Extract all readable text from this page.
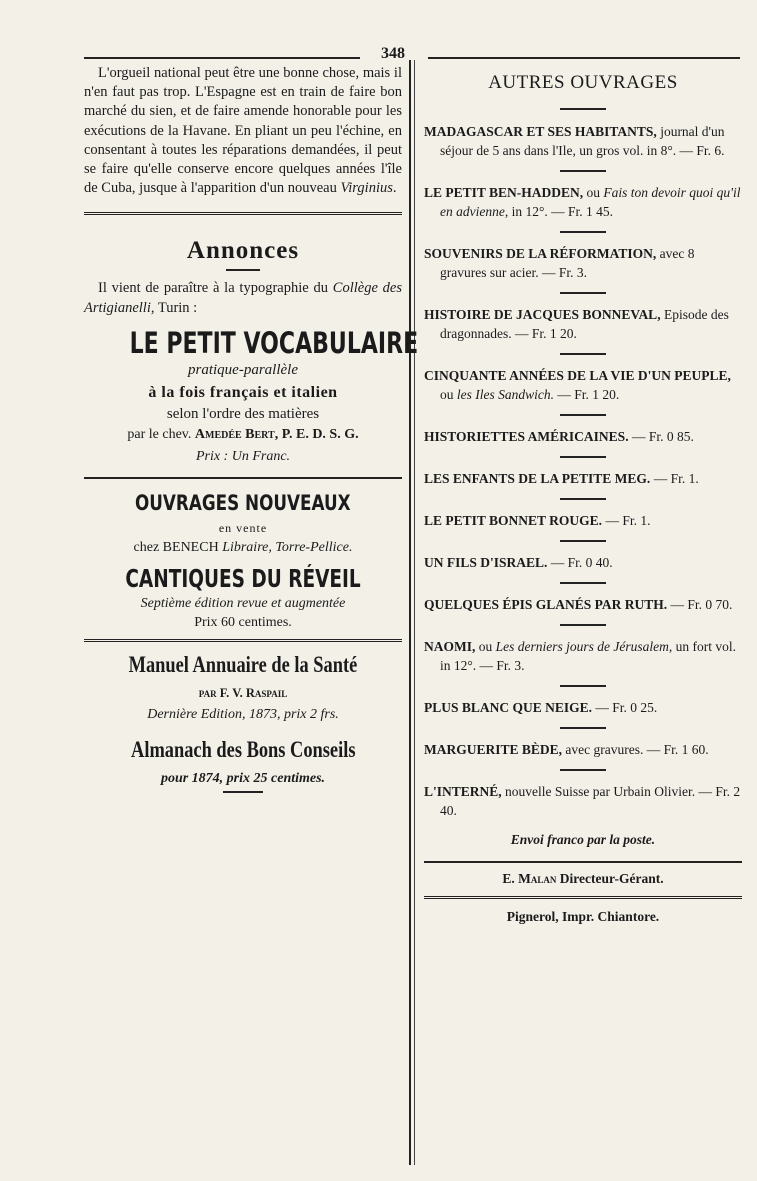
348

L'orgueil national peut être une bonne chose, mais il n'en faut pas trop. L'Espagne est en train de faire bon marché du sien, et de faire amende honorable pour les exécutions de la Havane. En pliant un peu l'échine, en consentant à toutes les réparations demandées, il peut se faire qu'elle conserve encore quelques années l'île de Cuba, jusque à l'apparition d'un nouveau Virginius.

Annonces

Il vient de paraître à la typographie du Collège des Artigianelli, Turin :

LE PETIT VOCABULAIRE
pratique-parallèle
à la fois français et italien
selon l'ordre des matières
par le chev. Amedée Bert, P. E. D. S. G.
Prix : Un Franc.
OUVRAGES NOUVEAUX
en vente
chez BENECH Libraire, Torre-Pellice.
CANTIQUES DU RÉVEIL
Septième édition revue et augmentée
Prix 60 centimes.
Manuel Annuaire de la Santé
par F. V. Raspail
Dernière Edition, 1873, prix 2 frs.
Almanach des Bons Conseils
pour 1874, prix 25 centimes.
AUTRES OUVRAGES
MADAGASCAR ET SES HABITANTS, journal d'un séjour de 5 ans dans l'Ile, un gros vol. in 8°. — Fr. 6.
LE PETIT BEN-HADDEN, ou Fais ton devoir quoi qu'il en advienne, in 12°. — Fr. 1 45.
SOUVENIRS DE LA RÉFORMATION, avec 8 gravures sur acier. — Fr. 3.
HISTOIRE DE JACQUES BONNEVAL, Episode des dragonnades. — Fr. 1 20.
CINQUANTE ANNÉES DE LA VIE D'UN PEUPLE, ou les Iles Sandwich. — Fr. 1 20.
HISTORIETTES AMÉRICAINES. — Fr. 0 85.
LES ENFANTS DE LA PETITE MEG. — Fr. 1.
LE PETIT BONNET ROUGE. — Fr. 1.
UN FILS D'ISRAEL. — Fr. 0 40.
QUELQUES ÉPIS GLANÉS PAR RUTH. — Fr. 0 70.
NAOMI, ou Les derniers jours de Jérusalem, un fort vol. in 12°. — Fr. 3.
PLUS BLANC QUE NEIGE. — Fr. 0 25.
MARGUERITE BÈDE, avec gravures. — Fr. 1 60.
L'INTERNÉ, nouvelle Suisse par Urbain Olivier. — Fr. 2 40.
Envoi franco par la poste.
E. Malan Directeur-Gérant.
Pignerol, Impr. Chiantore.
